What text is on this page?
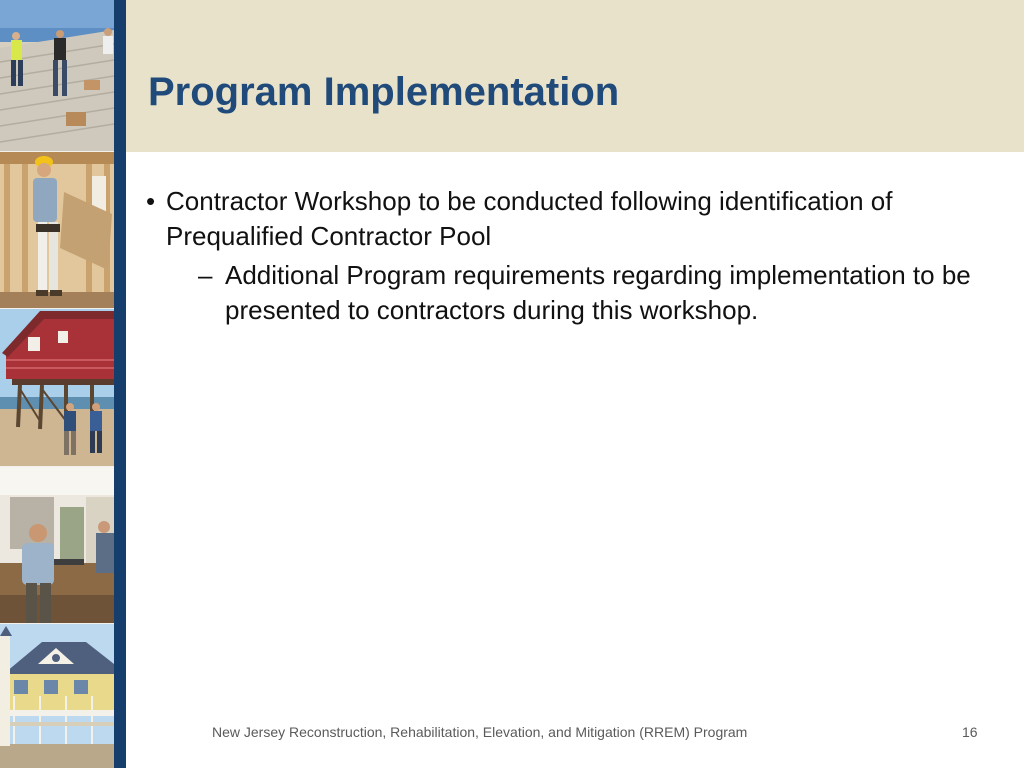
Program Implementation
• Contractor Workshop to be conducted following identification of Prequalified Contractor Pool
– Additional Program requirements regarding implementation to be presented to contractors during this workshop.
New Jersey Reconstruction, Rehabilitation, Elevation, and Mitigation (RREM) Program	16
